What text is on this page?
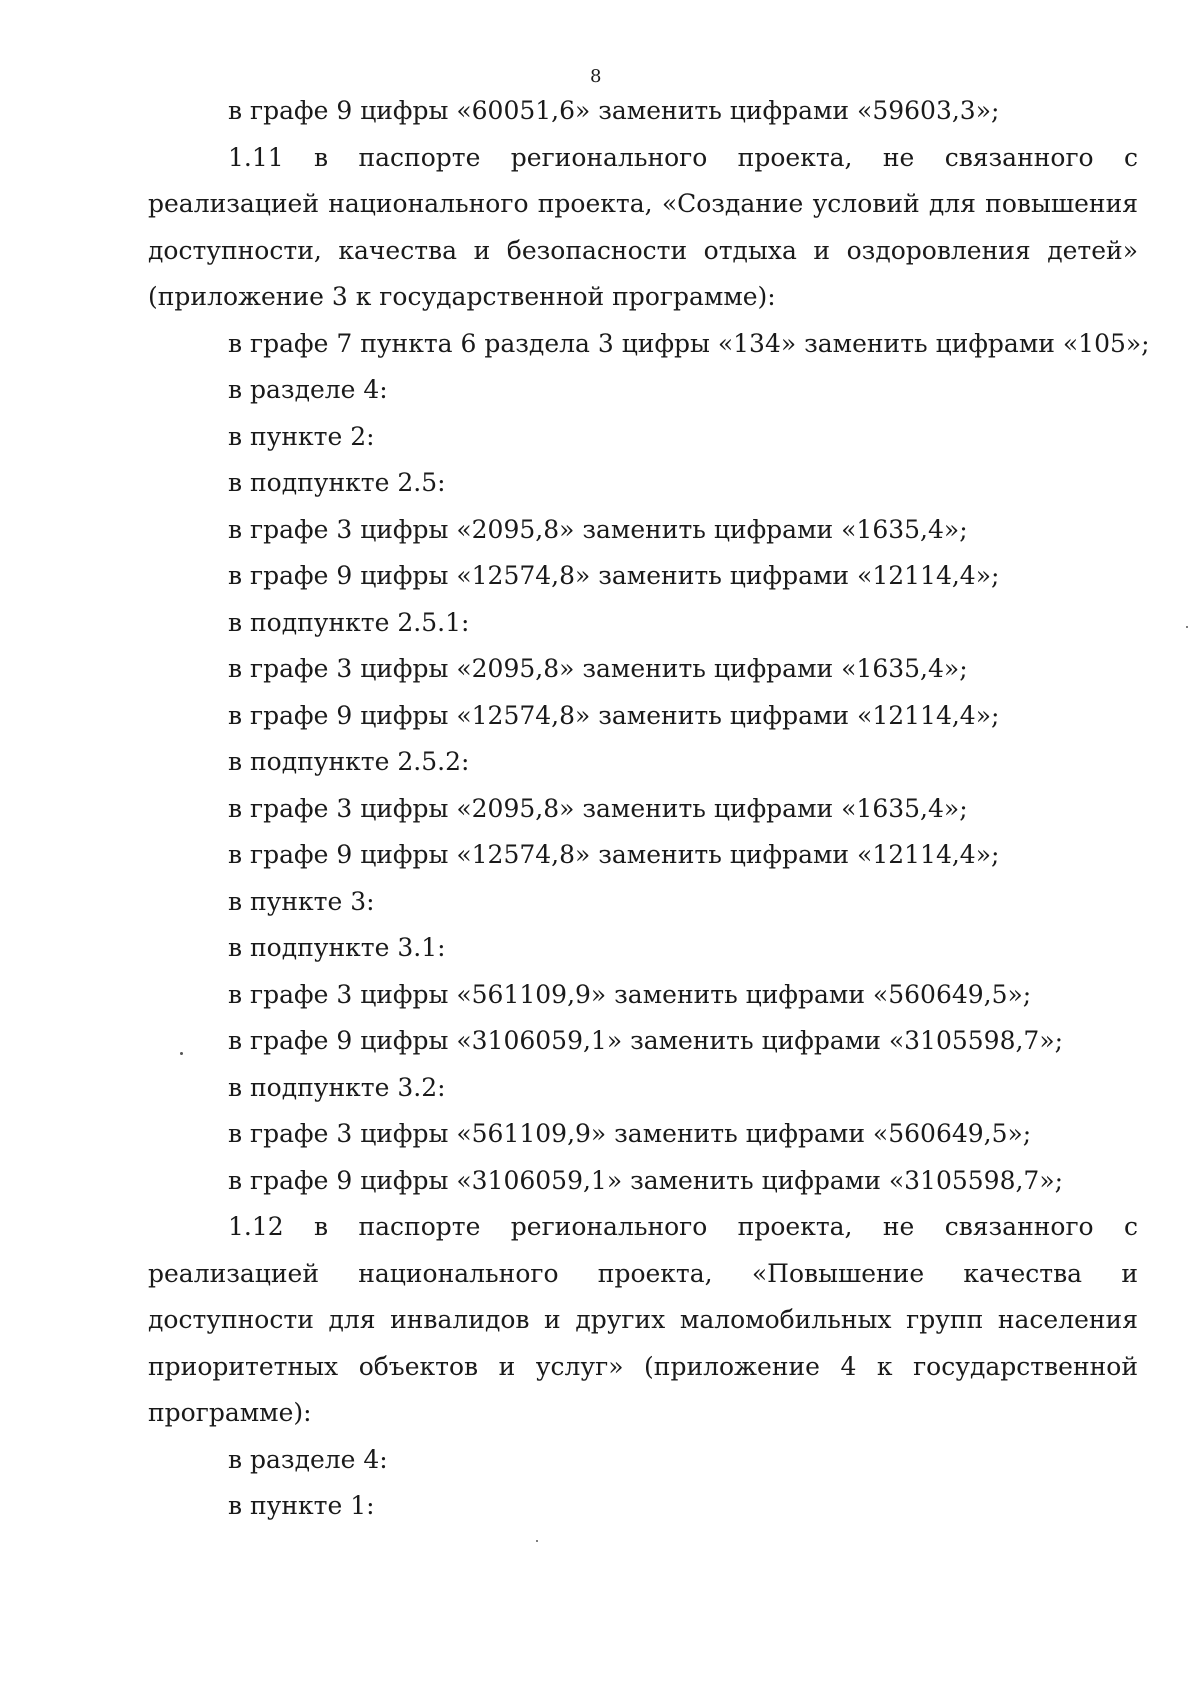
8
в графе 9 цифры «60051,6» заменить цифрами «59603,3»;
1.11 в паспорте регионального проекта, не связанного с реализацией национального проекта, «Создание условий для повышения доступности, качества и безопасности отдыха и оздоровления детей» (приложение 3 к государственной программе):
в графе 7 пункта 6 раздела 3 цифры «134» заменить цифрами «105»;
в разделе 4:
в пункте 2:
в подпункте 2.5:
в графе 3 цифры «2095,8» заменить цифрами «1635,4»;
в графе 9 цифры «12574,8» заменить цифрами «12114,4»;
в подпункте 2.5.1:
в графе 3 цифры «2095,8» заменить цифрами «1635,4»;
в графе 9 цифры «12574,8» заменить цифрами «12114,4»;
в подпункте 2.5.2:
в графе 3 цифры «2095,8» заменить цифрами «1635,4»;
в графе 9 цифры «12574,8» заменить цифрами «12114,4»;
в пункте 3:
в подпункте 3.1:
в графе 3 цифры «561109,9» заменить цифрами «560649,5»;
в графе 9 цифры «3106059,1» заменить цифрами «3105598,7»;
в подпункте 3.2:
в графе 3 цифры «561109,9» заменить цифрами «560649,5»;
в графе 9 цифры «3106059,1» заменить цифрами «3105598,7»;
1.12 в паспорте регионального проекта, не связанного с реализацией национального проекта, «Повышение качества и доступности для инвалидов и других маломобильных групп населения приоритетных объектов и услуг» (приложение 4 к государственной программе):
в разделе 4:
в пункте 1:
